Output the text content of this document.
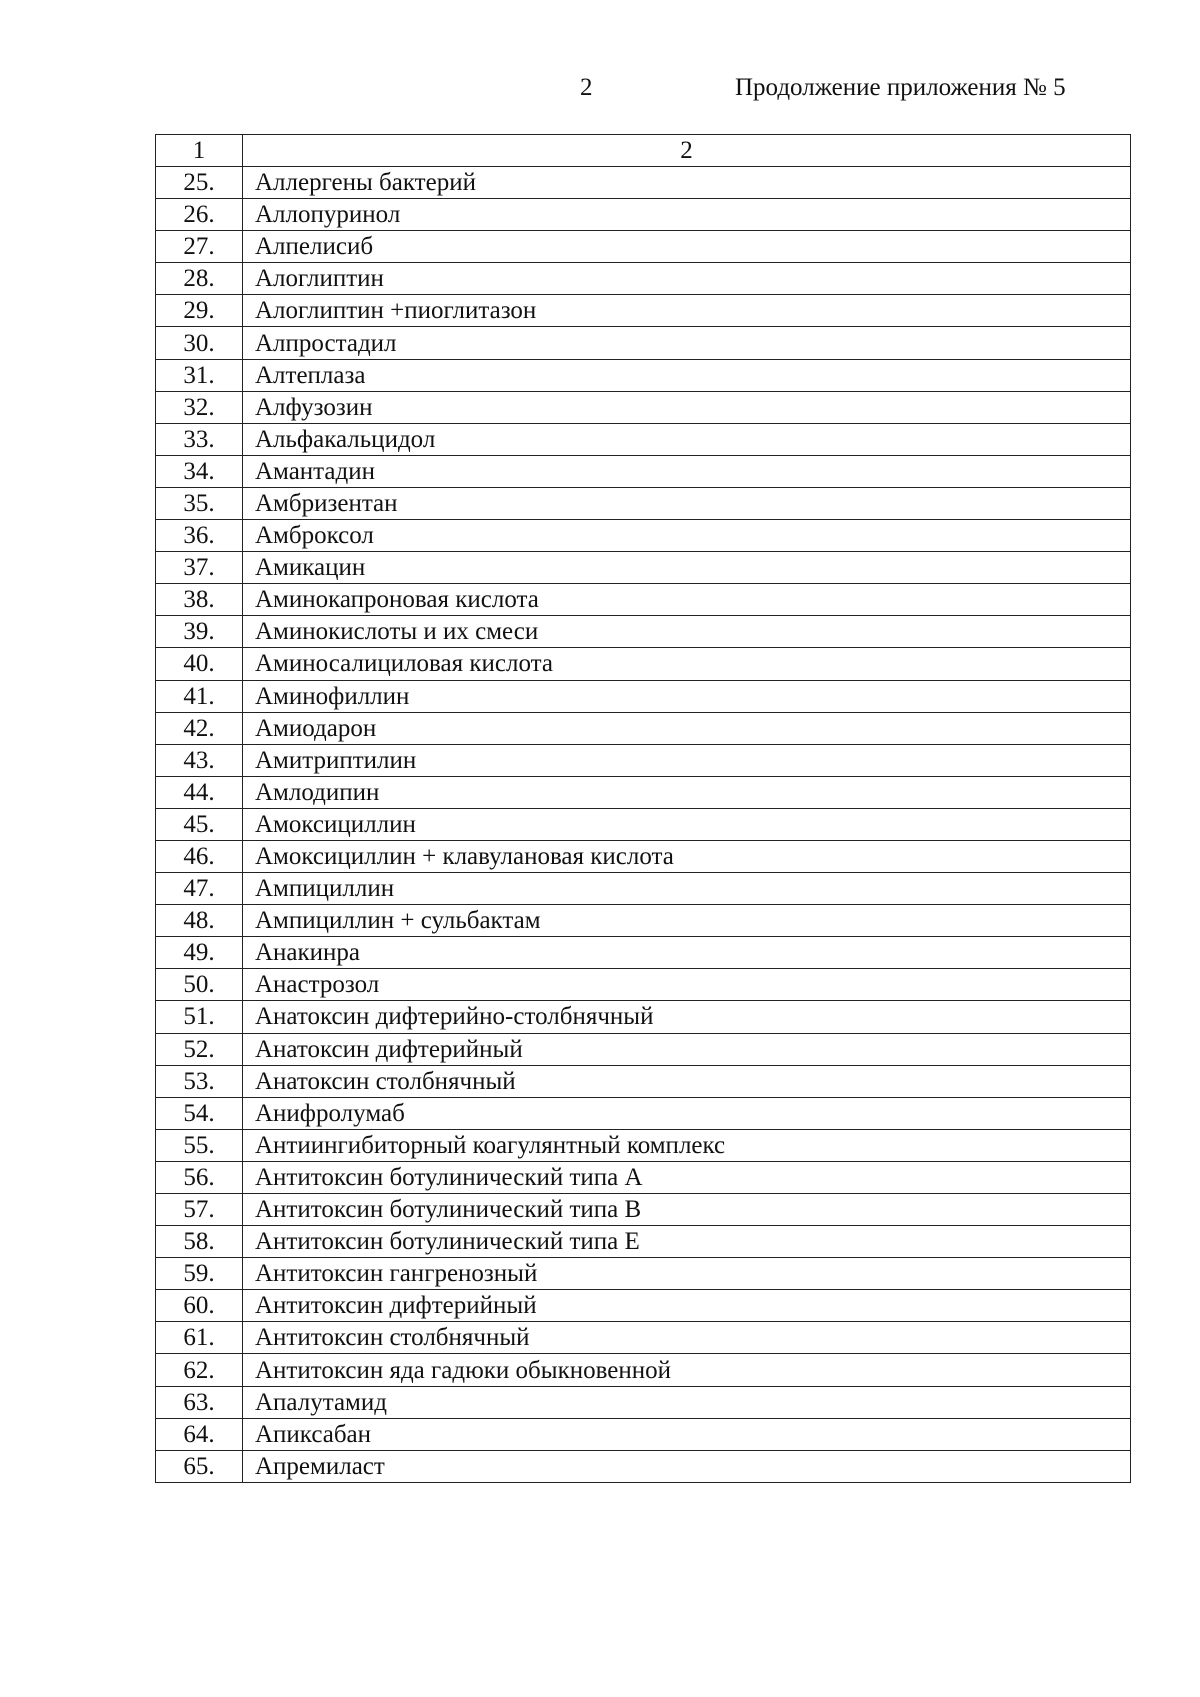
2	Продолжение приложения № 5
1	2
25.	Аллергены бактерий
26.	Аллопуринол
27.	Алпелисиб
28.	Алоглиптин
29.	Алоглиптин +пиоглитазон
30.	Алпростадил
31.	Алтеплаза
32.	Алфузозин
33.	Альфакальцидол
34.	Амантадин
35.	Амбризентан
36.	Амброксол
37.	Амикацин
38.	Аминокапроновая кислота
39.	Аминокислоты и их смеси
40.	Аминосалициловая кислота
41.	Аминофиллин
42.	Амиодарон
43.	Амитриптилин
44.	Амлодипин
45.	Амоксициллин
46.	Амоксициллин + клавулановая кислота
47.	Ампициллин
48.	Ампициллин + сульбактам
49.	Анакинра
50.	Анастрозол
51.	Анатоксин дифтерийно-столбнячный
52.	Анатоксин дифтерийный
53.	Анатоксин столбнячный
54.	Анифролумаб
55.	Антиингибиторный коагулянтный комплекс
56.	Антитоксин ботулинический типа А
57.	Антитоксин ботулинический типа В
58.	Антитоксин ботулинический типа Е
59.	Антитоксин гангренозный
60.	Антитоксин дифтерийный
61.	Антитоксин столбнячный
62.	Антитоксин яда гадюки обыкновенной
63.	Апалутамид
64.	Апиксабан
65.	Апремиласт
